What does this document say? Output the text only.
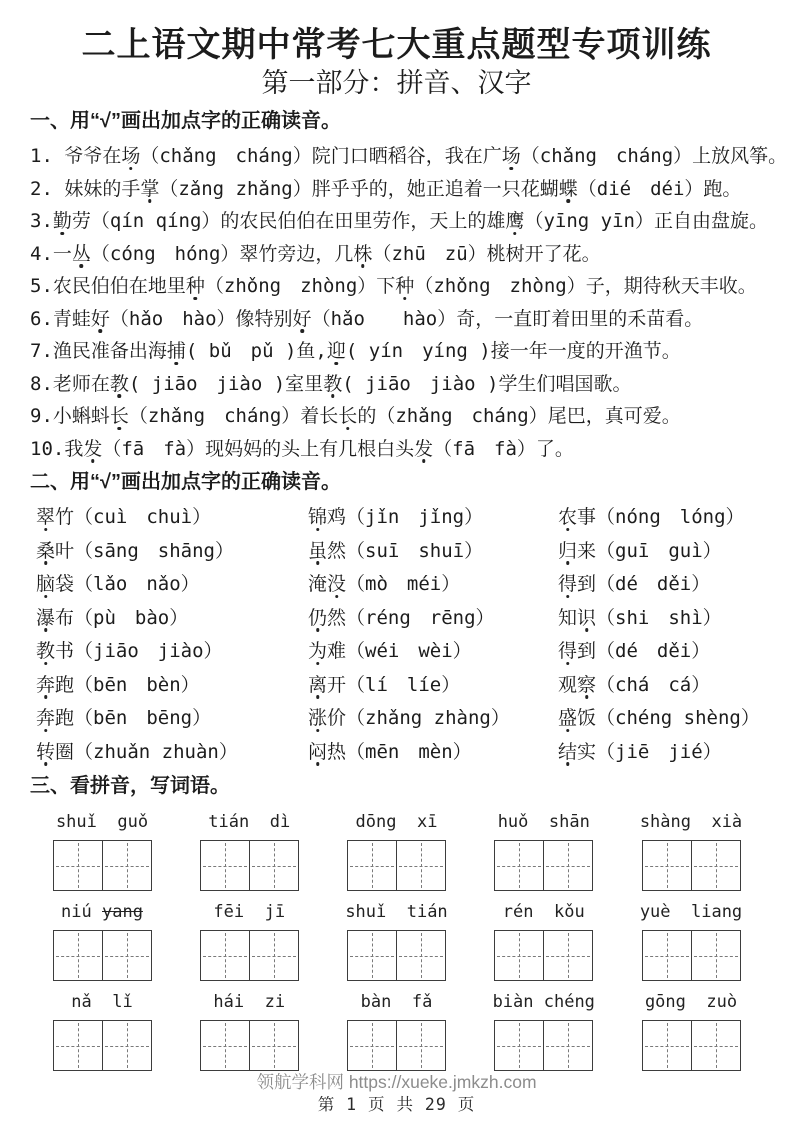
二上语文期中常考七大重点题型专项训练
第一部分：拼音、汉字
一、用“√”画出加点字的正确读音。
1. 爷爷在场（chǎng　cháng）院门口晒稻谷，我在广场（chǎng　cháng）上放风筝。
2. 妹妹的手掌（zǎng zhǎng）胖乎乎的，她正追着一只花蝴蝶（dié　déi）跑。
3.勤劳（qín qíng）的农民伯伯在田里劳作，天上的雄鹰（yīng yīn）正自由盘旋。
4.一丛（cóng　hóng）翠竹旁边，几株（zhū　zū）桃树开了花。
5.农民伯伯在地里种（zhǒng　zhòng）下种（zhǒng　zhòng）子，期待秋天丰收。
6.青蛙好（hǎo　hào）像特别好（hǎo　　hào）奇，一直盯着田里的禾苗看。
7.渔民准备出海捕( bǔ　pǔ )鱼,迎( yín　yíng )接一年一度的开渔节。
8.老师在教( jiāo　jiào )室里教( jiāo　jiào )学生们唱国歌。
9.小蝌蚪长（zhǎng　cháng）着长长的（zhǎng　cháng）尾巴，真可爱。
10.我发（fā　fà）现妈妈的头上有几根白头发（fā　fà）了。
二、用“√”画出加点字的正确读音。
翠竹（cuì　chuì）	锦鸡（jǐn　jǐng）	农事（nóng　lóng）
桑叶（sāng　shāng）	虽然（suī　shuī）	归来（guī　guì）
脑袋（lǎo　nǎo）	淹没（mò　méi）	得到（dé　děi）
瀑布（pù　bào）	仍然（réng　rēng）	知识（shi　shì）
教书（jiāo　jiào）	为难（wéi　wèi）	得到（dé　děi）
奔跑（bēn　bèn）	离开（lí　líe）	观察（chá　cá）
奔跑（bēn　bēng）	涨价（zhǎng zhàng）	盛饭（chéng shèng）
转圈（zhuǎn zhuàn）	闷热（mēn　mèn）	结实（jiē　jié）
三、看拼音，写词语。
shuǐ  guǒ	tián  dì	dōng  xī	huǒ  shān	shàng  xià
niú yang	fēi  jī	shuǐ  tián	rén  kǒu	yuè  liang
nǎ  lǐ	hái  zi	bàn  fǎ	biàn chéng	gōng  zuò
领航学科网 https://xueke.jmkzh.com
第 1 页 共 29 页
